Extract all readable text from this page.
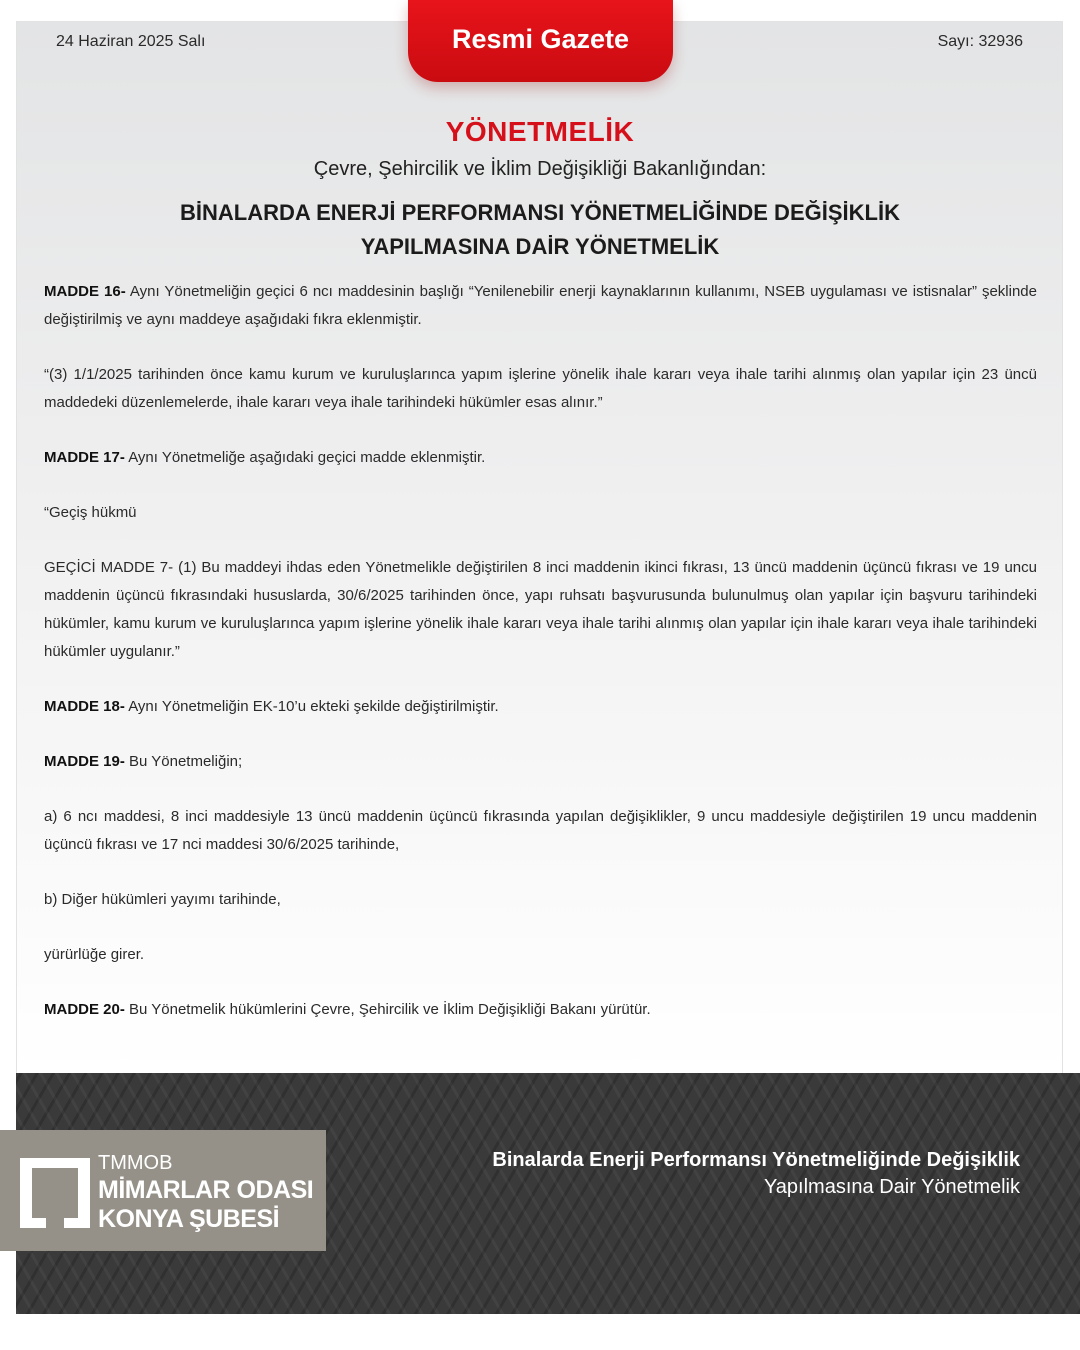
24 Haziran 2025 Salı	Sayı: 32936
Resmi Gazete
YÖNETMELİK
Çevre, Şehircilik ve İklim Değişikliği Bakanlığından:
BİNALARDA ENERJİ PERFORMANSI YÖNETMELİĞİNDE DEĞİŞİKLİK
YAPILMASINA DAİR YÖNETMELİK

MADDE 16- Aynı Yönetmeliğin geçici 6 ncı maddesinin başlığı “Yenilenebilir enerji kaynaklarının kullanımı, NSEB uygulaması ve istisnalar” şeklinde değiştirilmiş ve aynı maddeye aşağıdaki fıkra eklenmiştir.

“(3) 1/1/2025 tarihinden önce kamu kurum ve kuruluşlarınca yapım işlerine yönelik ihale kararı veya ihale tarihi alınmış olan yapılar için 23 üncü maddedeki düzenlemelerde, ihale kararı veya ihale tarihindeki hükümler esas alınır.”

MADDE 17- Aynı Yönetmeliğe aşağıdaki geçici madde eklenmiştir.

“Geçiş hükmü

GEÇİCİ MADDE 7- (1) Bu maddeyi ihdas eden Yönetmelikle değiştirilen 8 inci maddenin ikinci fıkrası, 13 üncü maddenin üçüncü fıkrası ve 19 uncu maddenin üçüncü fıkrasındaki hususlarda, 30/6/2025 tarihinden önce, yapı ruhsatı başvurusunda bulunulmuş olan yapılar için başvuru tarihindeki hükümler, kamu kurum ve kuruluşlarınca yapım işlerine yönelik ihale kararı veya ihale tarihi alınmış olan yapılar için ihale kararı veya ihale tarihindeki hükümler uygulanır.”

MADDE 18- Aynı Yönetmeliğin EK-10’u ekteki şekilde değiştirilmiştir.

MADDE 19- Bu Yönetmeliğin;

a) 6 ncı maddesi, 8 inci maddesiyle 13 üncü maddenin üçüncü fıkrasında yapılan değişiklikler, 9 uncu maddesiyle değiştirilen 19 uncu maddenin üçüncü fıkrası ve 17 nci maddesi 30/6/2025 tarihinde,

b) Diğer hükümleri yayımı tarihinde,

yürürlüğe girer.

MADDE 20- Bu Yönetmelik hükümlerini Çevre, Şehircilik ve İklim Değişikliği Bakanı yürütür.

TMMOB
MİMARLAR ODASI
KONYA ŞUBESİ
Binalarda Enerji Performansı Yönetmeliğinde Değişiklik
Yapılmasına Dair Yönetmelik
